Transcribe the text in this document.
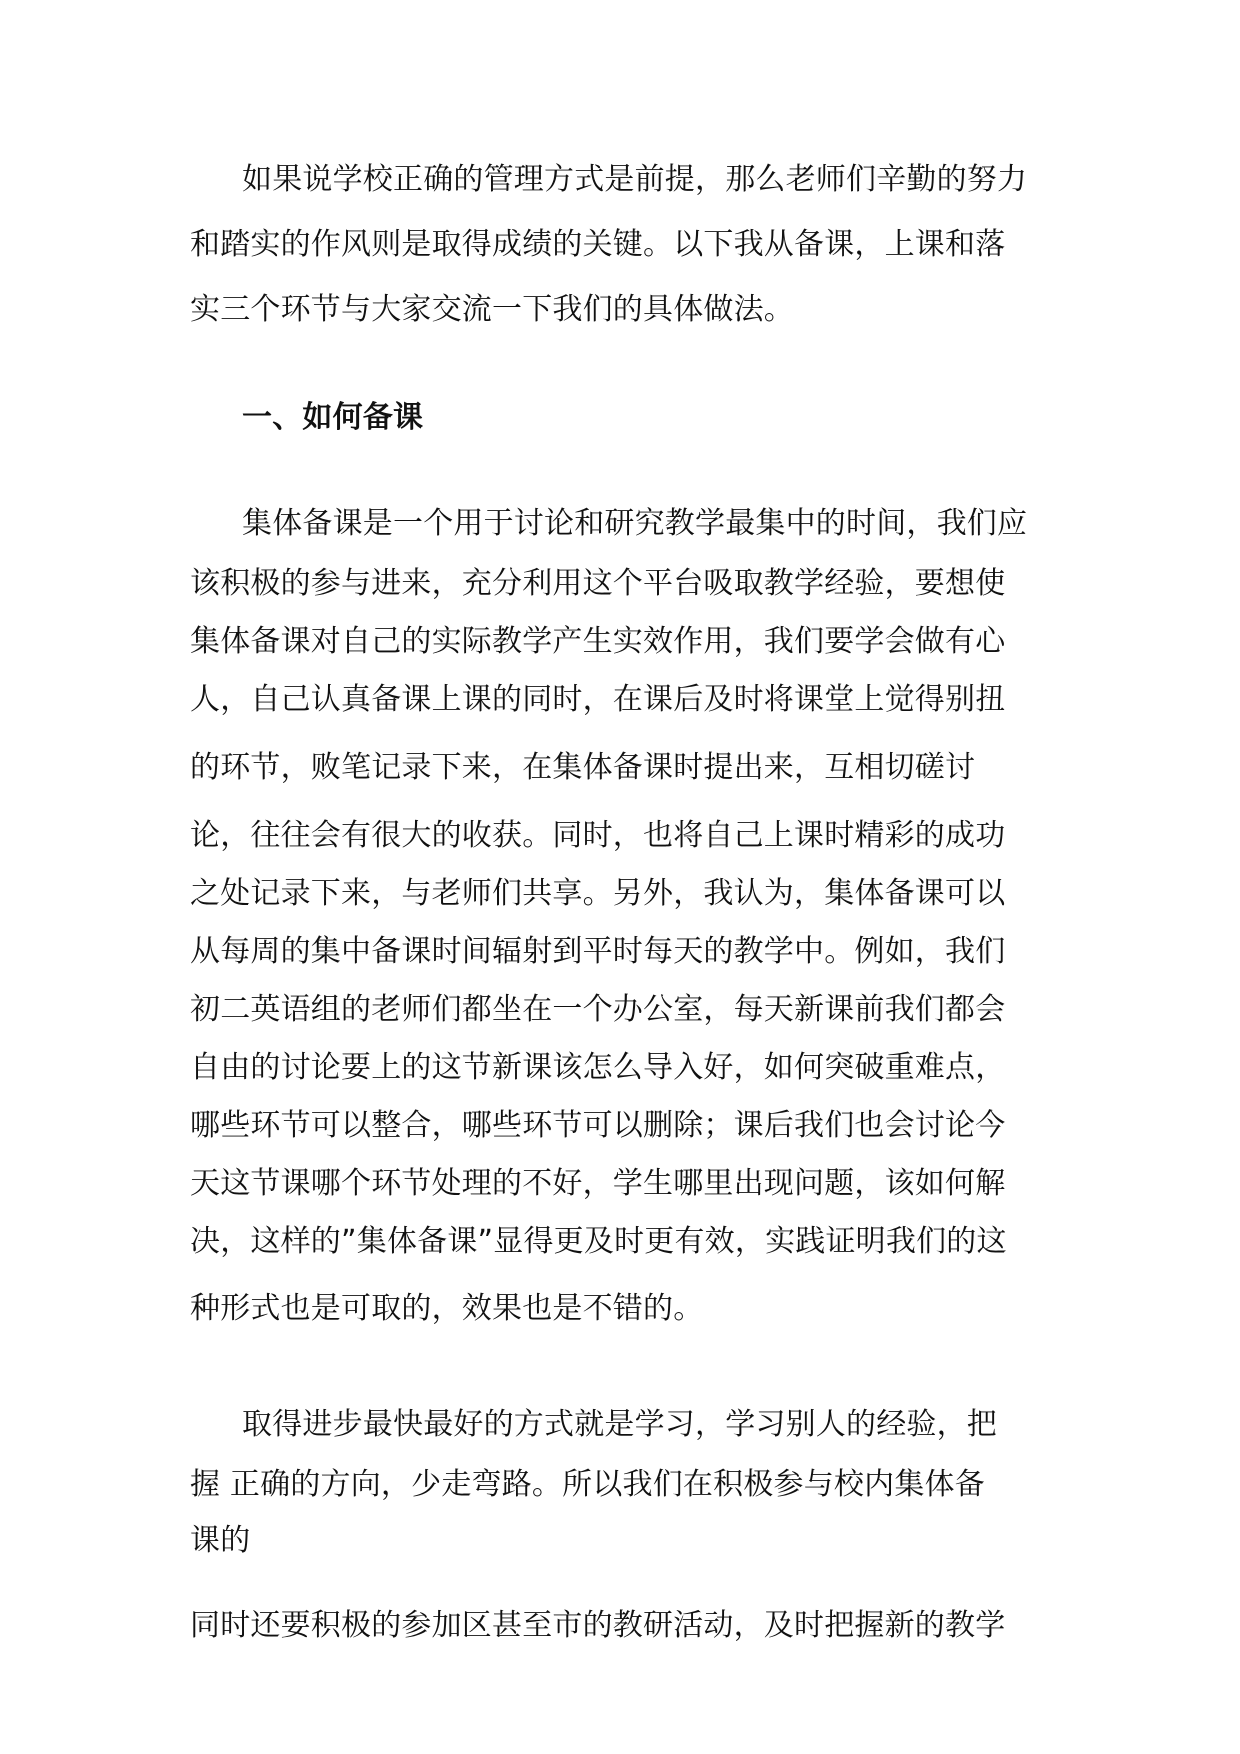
如果说学校正确的管理方式是前提，那么老师们辛勤的努力
和踏实的作风则是取得成绩的关键。以下我从备课，上课和落
实三个环节与大家交流一下我们的具体做法。
一、如何备课
集体备课是一个用于讨论和研究教学最集中的时间，我们应
该积极的参与进来，充分利用这个平台吸取教学经验，要想使
集体备课对自己的实际教学产生实效作用，我们要学会做有心
人，自己认真备课上课的同时，在课后及时将课堂上觉得别扭
的环节，败笔记录下来，在集体备课时提出来，互相切磋讨
论，往往会有很大的收获。同时，也将自己上课时精彩的成功
之处记录下来，与老师们共享。另外，我认为，集体备课可以
从每周的集中备课时间辐射到平时每天的教学中。例如，我们
初二英语组的老师们都坐在一个办公室，每天新课前我们都会
自由的讨论要上的这节新课该怎么导入好，如何突破重难点，
哪些环节可以整合，哪些环节可以删除；课后我们也会讨论今
天这节课哪个环节处理的不好，学生哪里出现问题，该如何解
决，这样的”集体备课”显得更及时更有效，实践证明我们的这
种形式也是可取的，效果也是不错的。
取得进步最快最好的方式就是学习，学习别人的经验，把
握 正确的方向，少走弯路。所以我们在积极参与校内集体备
课的
同时还要积极的参加区甚至市的教研活动，及时把握新的教学
